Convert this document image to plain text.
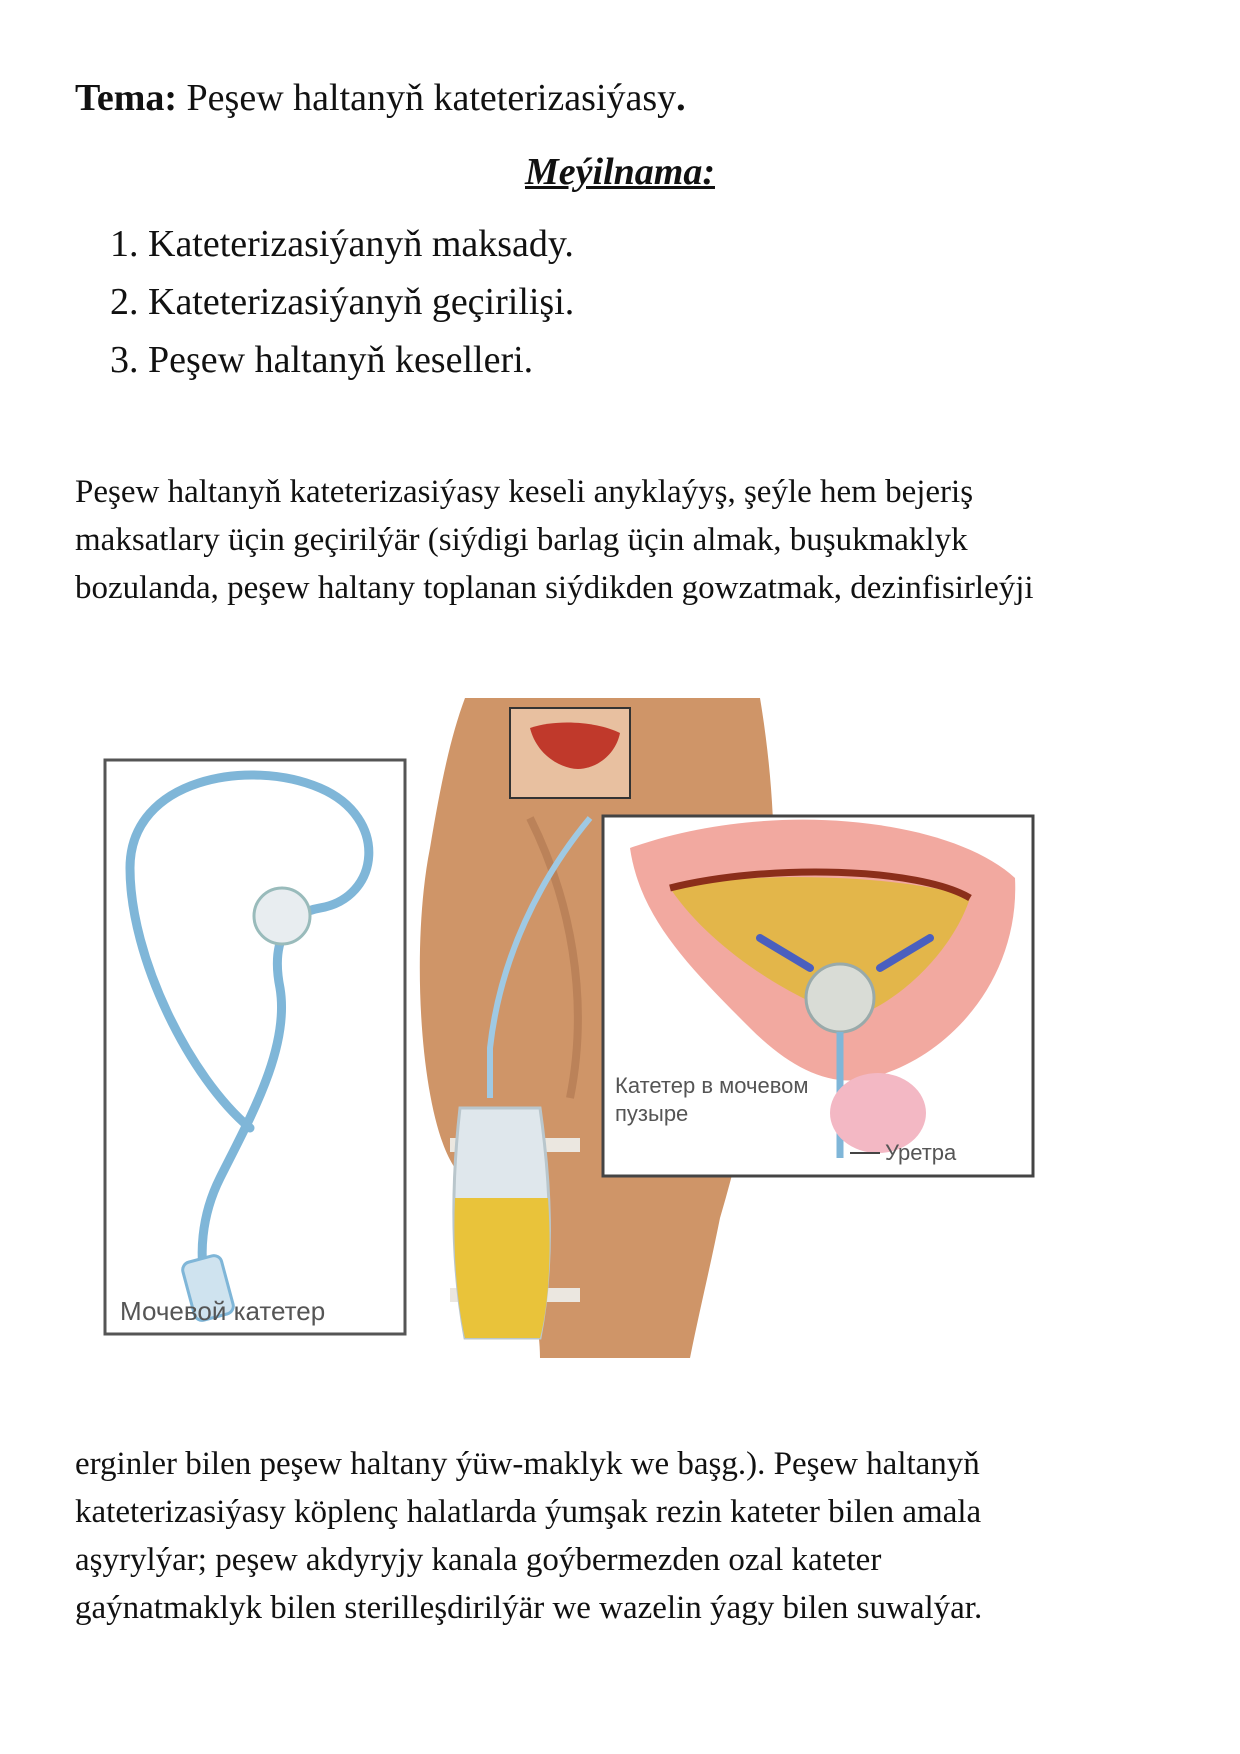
Tema: Peşew haltanyň kateterizasiýasy.
Meýilnama:
1. Kateterizasiýanyň maksady.
2. Kateterizasiýanyň geçirilişi.
3. Peşew haltanyň keselleri.

Peşew haltanyň kateterizasiýasy keseli anyklaýyş, şeýle hem bejeriş
maksatlary üçin geçirilýär (siýdigi barlag üçin almak, buşukmaklyk
bozulanda, peşew haltany toplanan siýdikden gowzatmak, dezinfisirleýji

Мочевой катетер
Катетер в мочевом пузыре
Уретра

erginler bilen peşew haltany ýüw-maklyk we başg.). Peşew haltanyň
kateterizasiýasy köplenç halatlarda ýumşak rezin kateter bilen amala
aşyrylýar; peşew akdyryjy kanala goýbermezden ozal kateter
gaýnatmaklyk bilen sterilleşdirilýär we wazelin ýagy bilen suwalýar.
